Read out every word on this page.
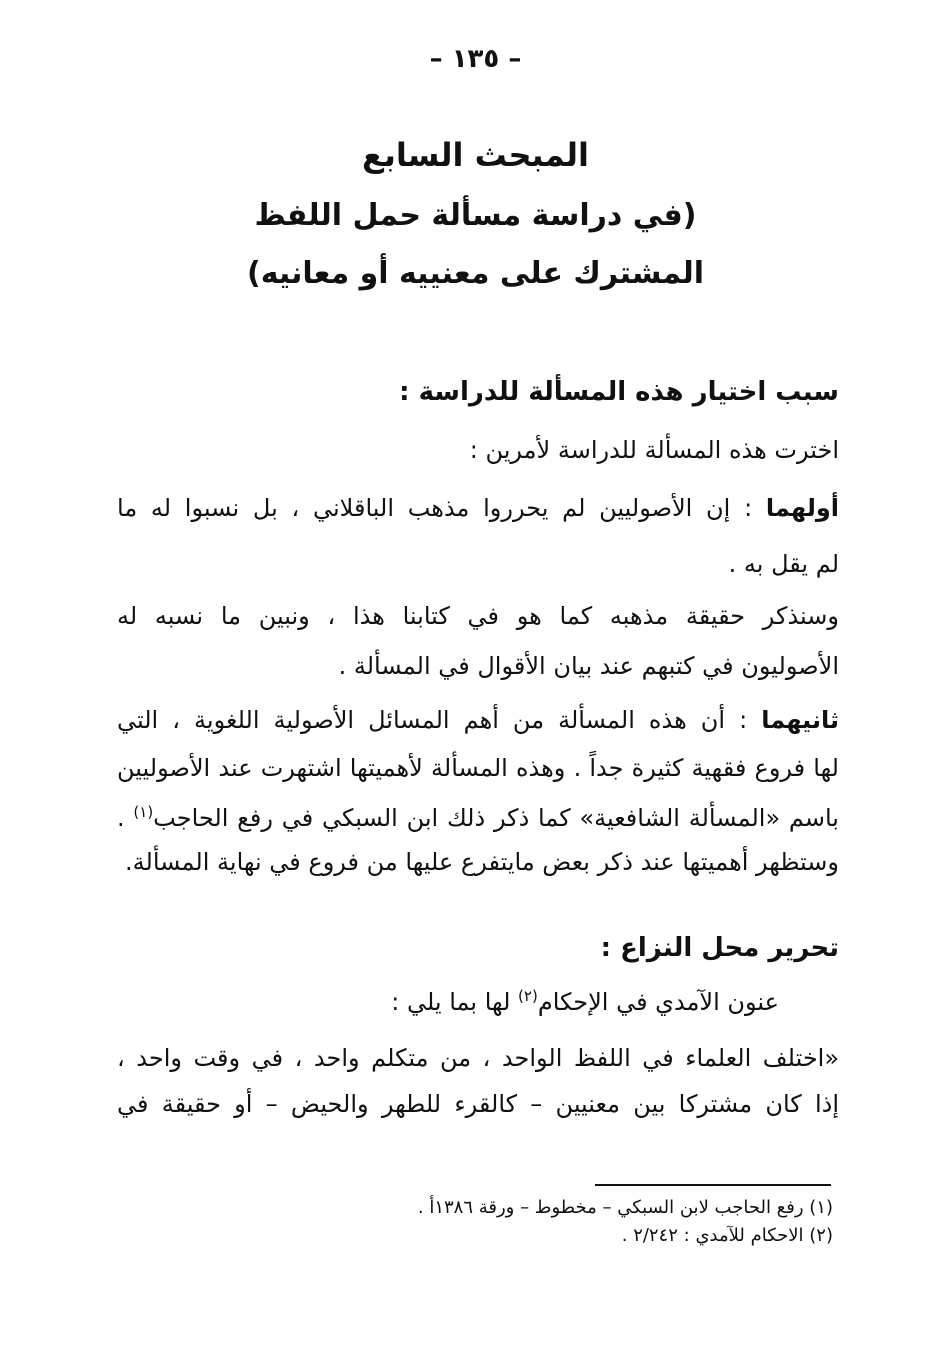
– ١٣٥ –
المبحث السابع
(في دراسة مسألة حمل اللفظ
المشترك على معنييه أو معانيه)
سبب اختيار هذه المسألة للدراسة :
اخترت هذه المسألة للدراسة لأمرين :
أولهما : إن الأصوليين لم يحرروا مذهب الباقلاني ، بل نسبوا له ما
لم يقل به .
وسنذكر حقيقة مذهبه كما هو في كتابنا هذا ، ونبين ما نسبه له
الأصوليون في كتبهم عند بيان الأقوال في المسألة .
ثانيهما : أن هذه المسألة من أهم المسائل الأصولية اللغوية ، التي
لها فروع فقهية كثيرة جداً . وهذه المسألة لأهميتها اشتهرت عند الأصوليين
باسم «المسألة الشافعية» كما ذكر ذلك ابن السبكي في رفع الحاجب$^{(١)}$ .
وستظهر أهميتها عند ذكر بعض مايتفرع عليها من فروع في نهاية المسألة.
تحرير محل النزاع :
عنون الآمدي في الإحكام$^{(٢)}$ لها بما يلي :
«اختلف العلماء في اللفظ الواحد ، من متكلم واحد ، في وقت واحد ،
إذا كان مشتركا بين معنيين – كالقرء للطهر والحيض – أو حقيقة في
(١) رفع الحاجب لابن السبكي – مخطوط – ورقة ١٣٨٦أ .
(٢) الاحكام للآمدي : ٢/٢٤٢ .
